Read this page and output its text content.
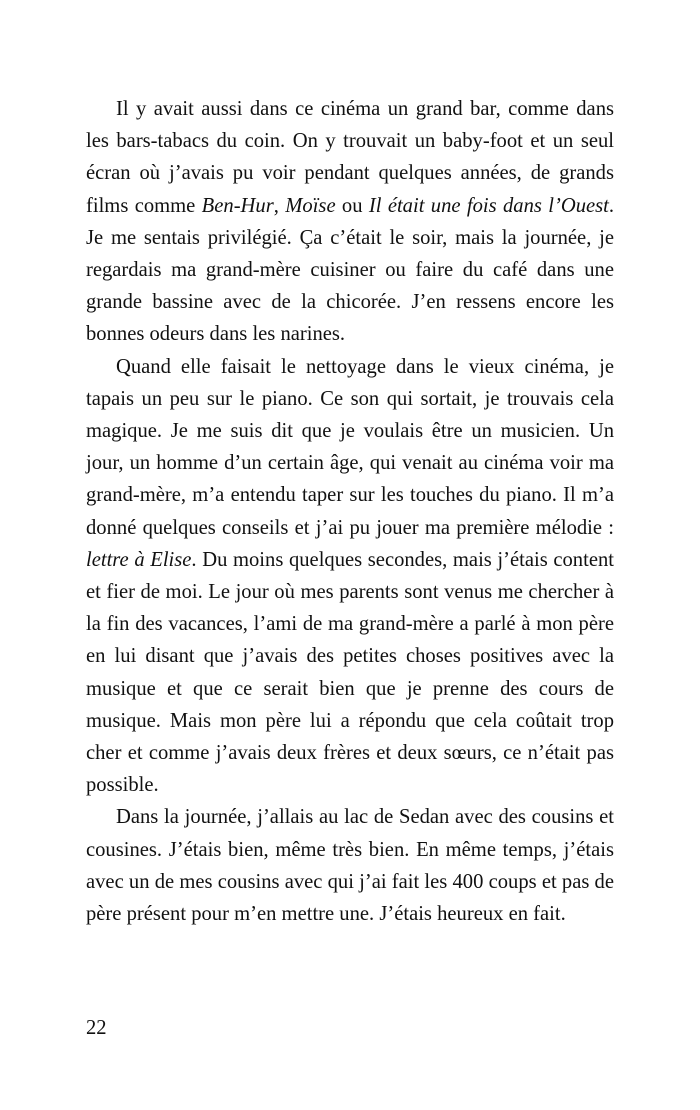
Il y avait aussi dans ce cinéma un grand bar, comme dans les bars-tabacs du coin. On y trouvait un baby-foot et un seul écran où j’avais pu voir pendant quelques années, de grands films comme Ben-Hur, Moïse ou Il était une fois dans l’Ouest. Je me sentais privilégié. Ça c’était le soir, mais la journée, je regardais ma grand-mère cuisiner ou faire du café dans une grande bassine avec de la chicorée. J’en ressens encore les bonnes odeurs dans les narines.

Quand elle faisait le nettoyage dans le vieux cinéma, je tapais un peu sur le piano. Ce son qui sortait, je trouvais cela magique. Je me suis dit que je voulais être un musicien. Un jour, un homme d’un certain âge, qui venait au cinéma voir ma grand-mère, m’a entendu taper sur les touches du piano. Il m’a donné quelques conseils et j’ai pu jouer ma première mélodie : lettre à Elise. Du moins quelques secondes, mais j’étais content et fier de moi. Le jour où mes parents sont venus me chercher à la fin des vacances, l’ami de ma grand-mère a parlé à mon père en lui disant que j’avais des petites choses positives avec la musique et que ce serait bien que je prenne des cours de musique. Mais mon père lui a répondu que cela coûtait trop cher et comme j’avais deux frères et deux sœurs, ce n’était pas possible.

Dans la journée, j’allais au lac de Sedan avec des cousins et cousines. J’étais bien, même très bien. En même temps, j’étais avec un de mes cousins avec qui j’ai fait les 400 coups et pas de père présent pour m’en mettre une. J’étais heureux en fait.

22
